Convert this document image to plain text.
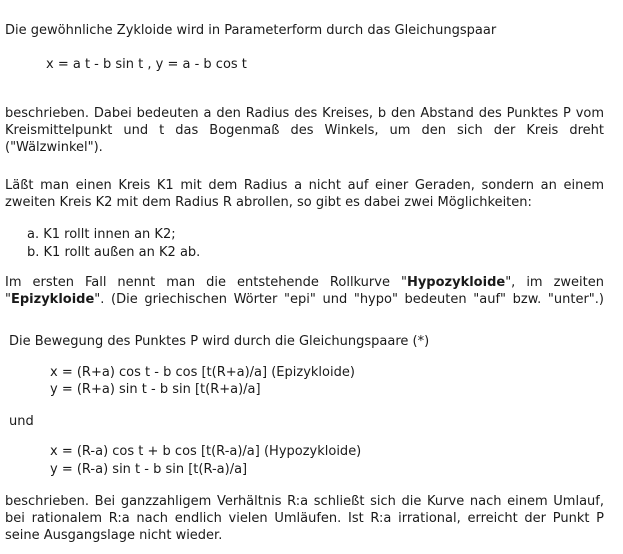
Die gewöhnliche Zykloide wird in Parameterform durch das Gleichungspaar

x = a t - b sin t , y = a - b cos t

beschrieben. Dabei bedeuten a den Radius des Kreises, b den Abstand des Punktes P vom Kreismittelpunkt und t das Bogenmaß des Winkels, um den sich der Kreis dreht ("Wälzwinkel").

Läßt man einen Kreis K1 mit dem Radius a nicht auf einer Geraden, sondern an einem zweiten Kreis K2 mit dem Radius R abrollen, so gibt es dabei zwei Möglichkeiten:

a. K1 rollt innen an K2;

b. K1 rollt außen an K2 ab.

Im ersten Fall nennt man die entstehende Rollkurve "Hypozykloide", im zweiten "Epizykloide". (Die griechischen Wörter "epi" und "hypo" bedeuten "auf" bzw. "unter".)

Die Bewegung des Punktes P wird durch die Gleichungspaare (*)

x = (R+a) cos t - b cos [t(R+a)/a] (Epizykloide)

y = (R+a) sin t - b sin [t(R+a)/a]

und

x = (R-a) cos t + b cos [t(R-a)/a] (Hypozykloide)

y = (R-a) sin t - b sin [t(R-a)/a]

beschrieben. Bei ganzzahligem Verhältnis R:a schließt sich die Kurve nach einem Umlauf, bei rationalem R:a nach endlich vielen Umläufen. Ist R:a irrational, erreicht der Punkt P seine Ausgangslage nicht wieder.
